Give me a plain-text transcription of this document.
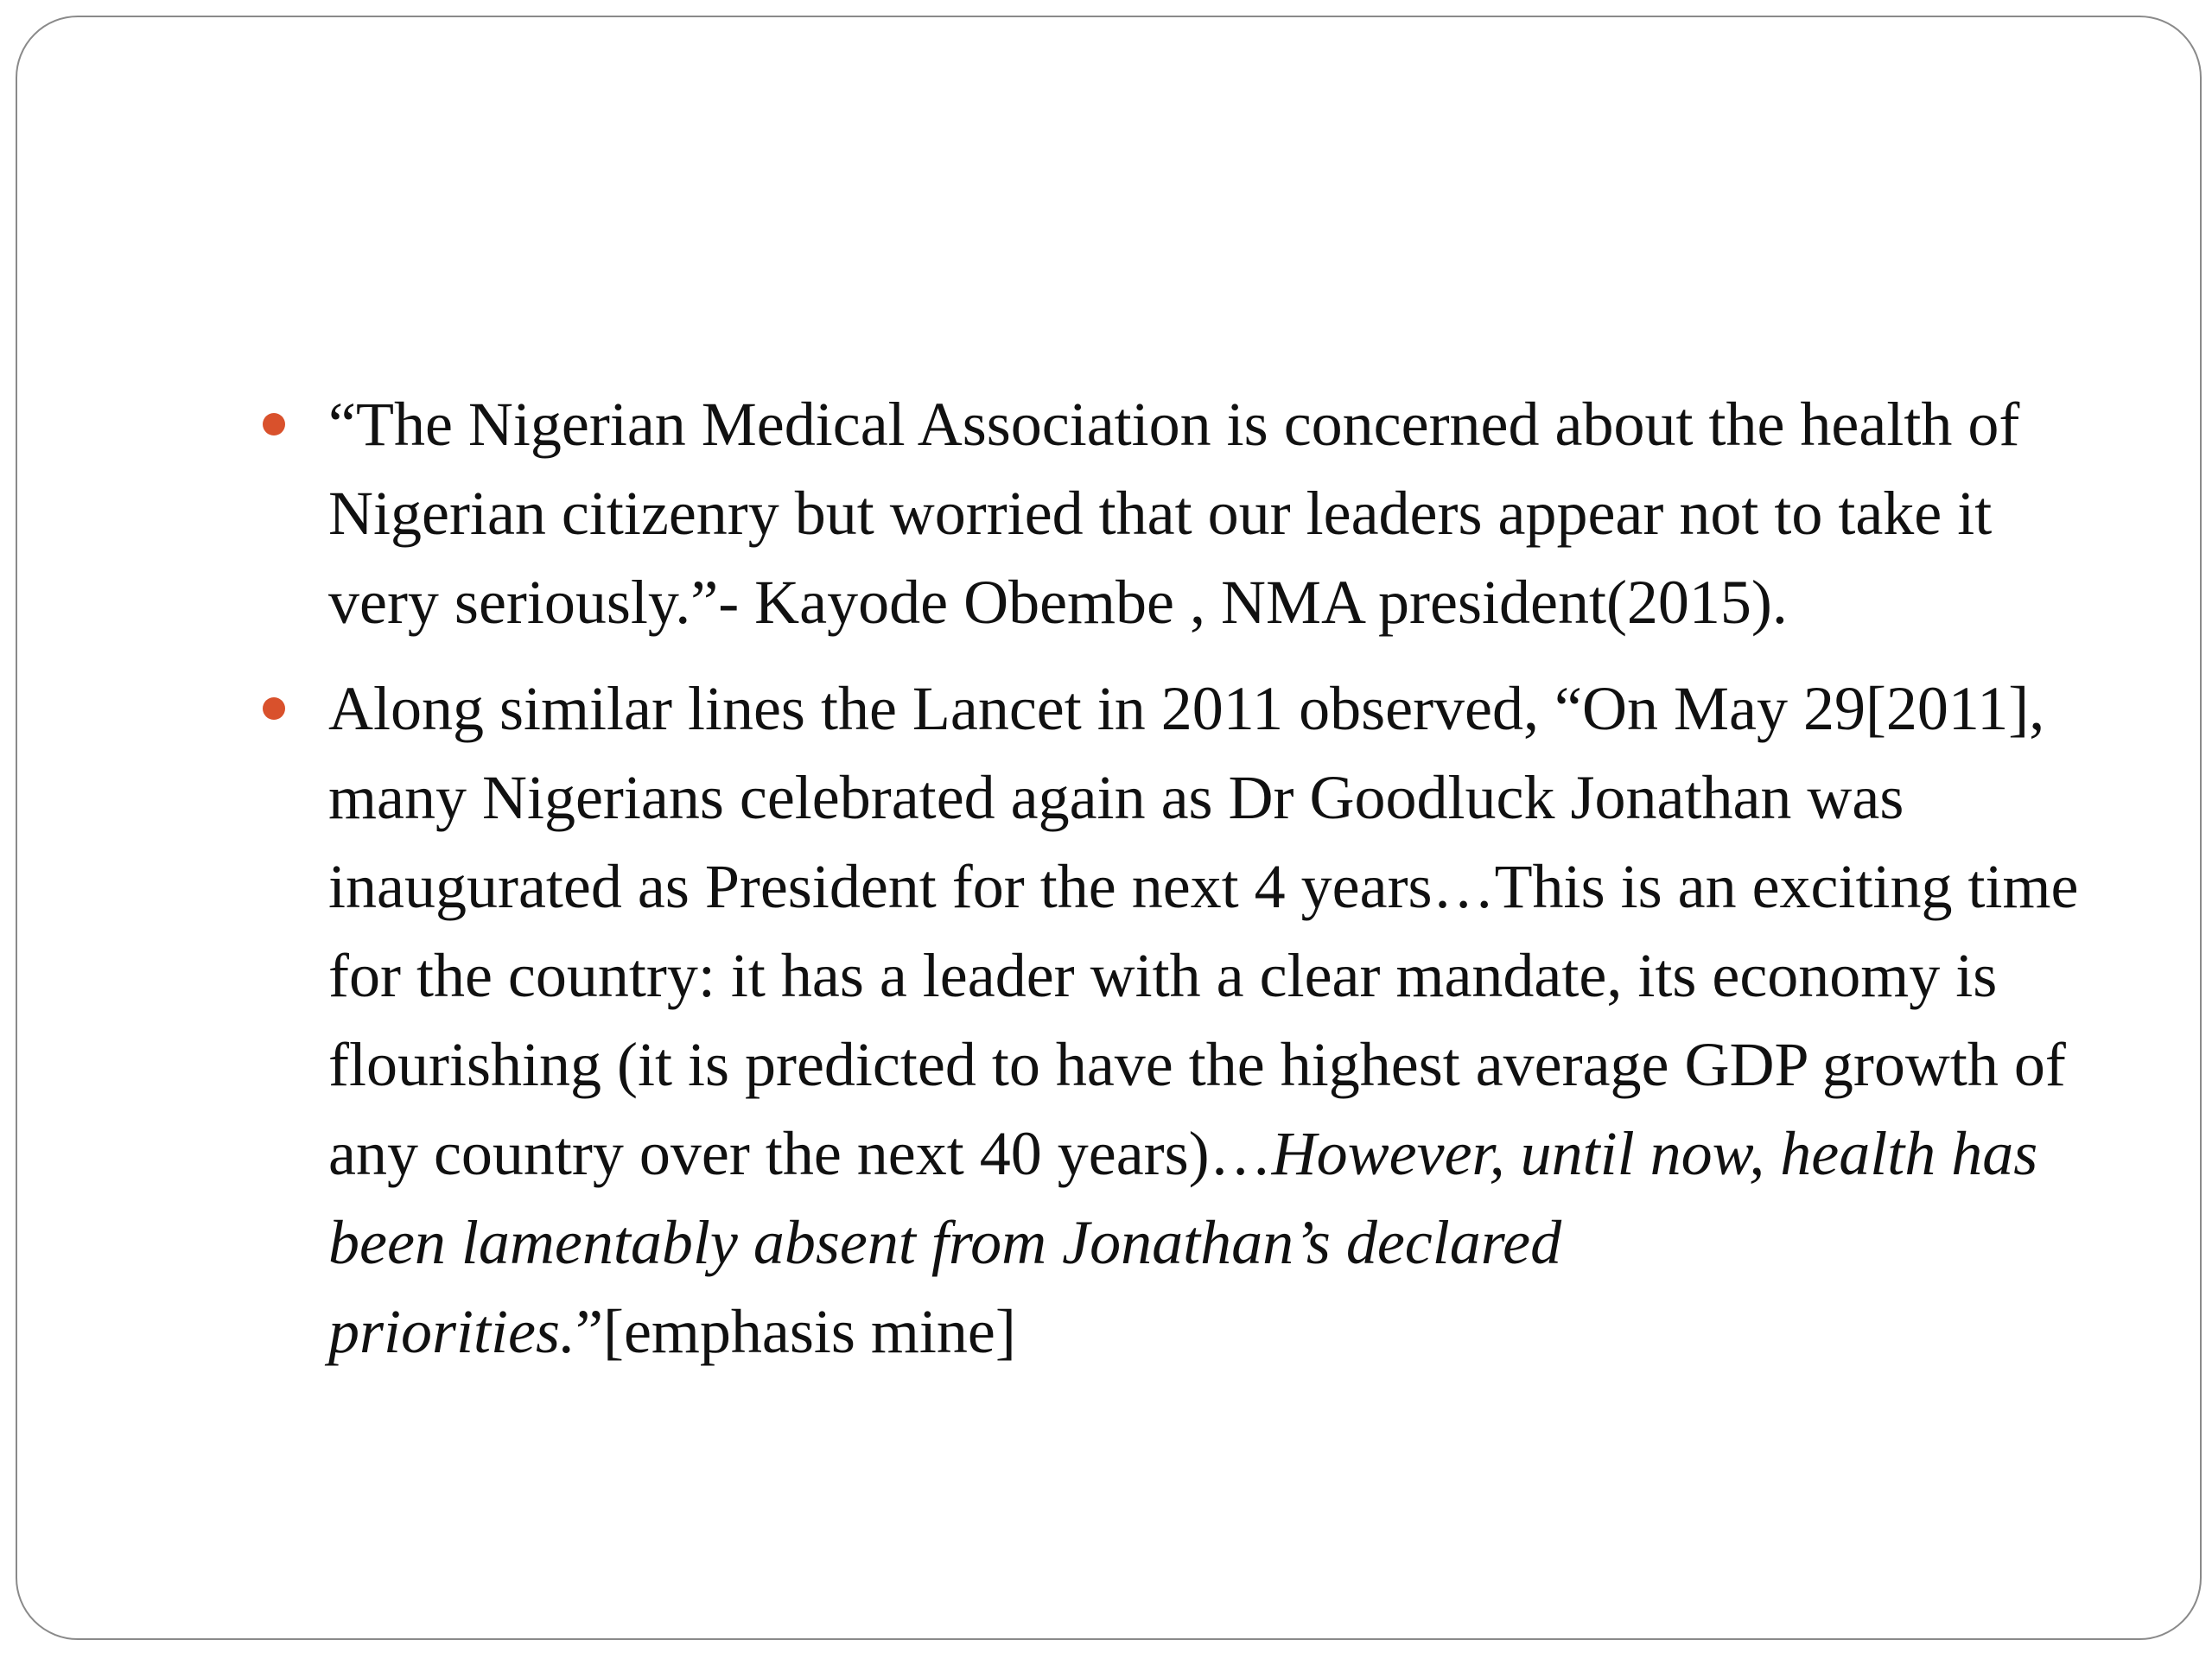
“The Nigerian Medical Association is concerned about the health of Nigerian citizenry but worried that our leaders appear not to take it very seriously.”- Kayode Obembe , NMA president(2015).
Along similar lines the Lancet in 2011 observed, “On May 29[2011], many Nigerians celebrated again as Dr Goodluck Jonathan was inaugurated as President for the next 4 years…This is an exciting time for the country: it has a leader with a clear mandate, its economy is flourishing (it is predicted to have the highest average GDP growth of any country over the next 40 years)…However, until now, health has been lamentably absent from Jonathan’s declared priorities.”[emphasis mine]
